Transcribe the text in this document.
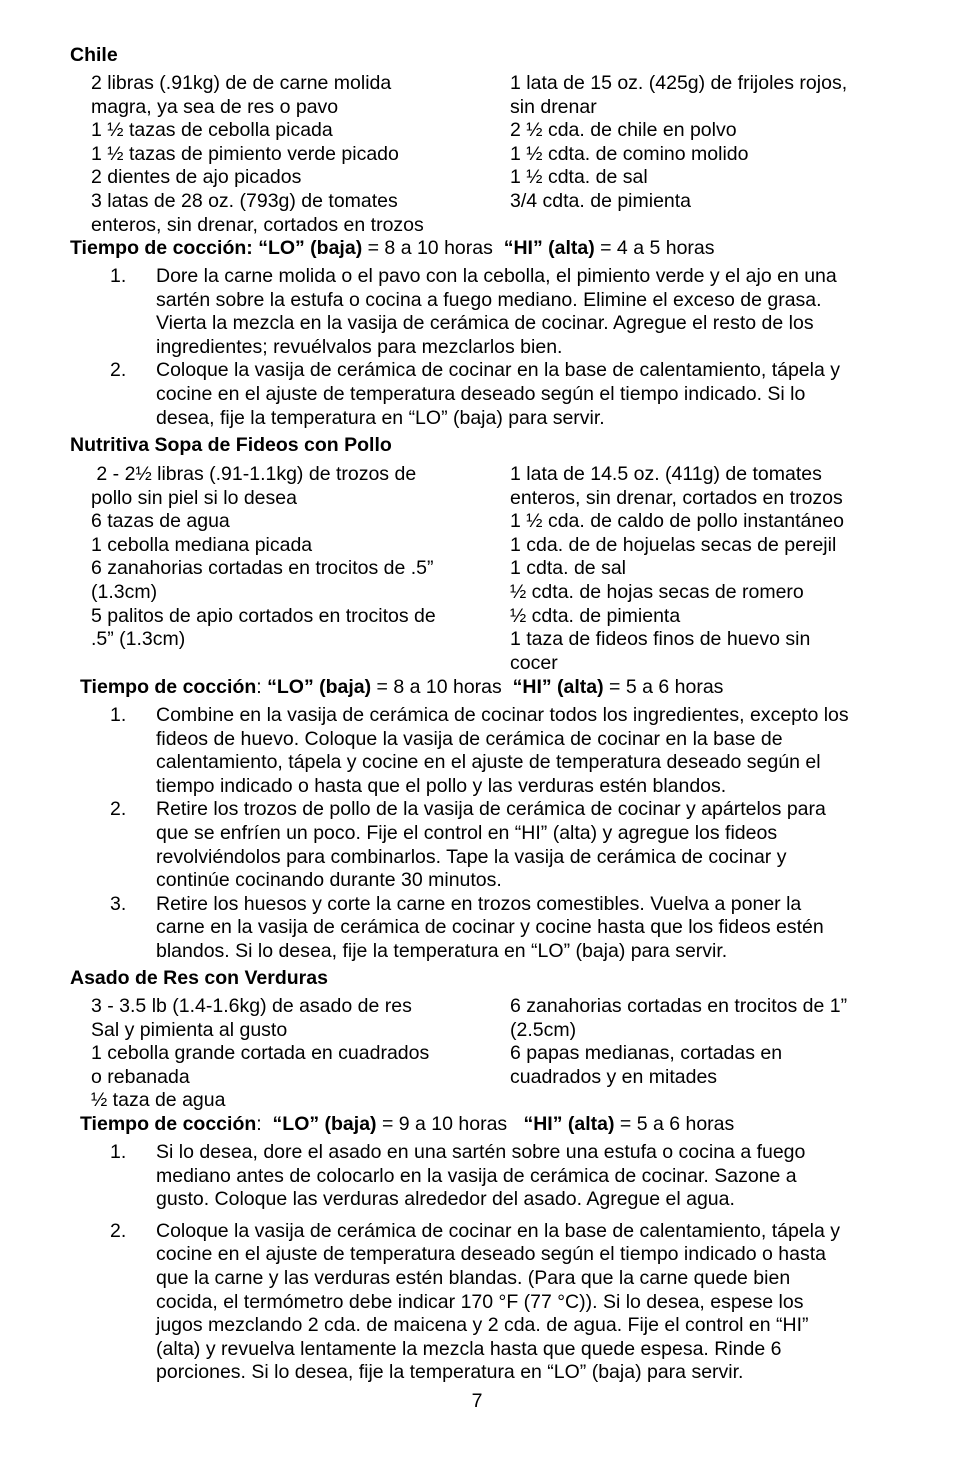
Chile
2 libras (.91kg) de de carne molida
magra, ya sea de res o pavo
1 ½ tazas de cebolla picada
1 ½ tazas de pimiento verde picado
2 dientes de ajo picados
3 latas de 28 oz. (793g) de tomates
enteros, sin drenar, cortados en trozos
1 lata de 15 oz. (425g) de frijoles rojos,
sin drenar
2 ½ cda. de chile en polvo
1 ½ cdta. de comino molido
1 ½ cdta. de sal
3/4 cdta. de pimienta
Tiempo de cocción: “LO” (baja) = 8 a 10 horas “HI” (alta) = 4 a 5 horas
1. Dore la carne molida o el pavo con la cebolla, el pimiento verde y el ajo en una
sartén sobre la estufa o cocina a fuego mediano. Elimine el exceso de grasa.
Vierta la mezcla en la vasija de cerámica de cocinar. Agregue el resto de los
ingredientes; revuélvalos para mezclarlos bien.
2. Coloque la vasija de cerámica de cocinar en la base de calentamiento, tápela y
cocine en el ajuste de temperatura deseado según el tiempo indicado. Si lo
desea, fije la temperatura en “LO” (baja) para servir.
Nutritiva Sopa de Fideos con Pollo
2 - 2½ libras (.91-1.1kg) de trozos de
pollo sin piel si lo desea
6 tazas de agua
1 cebolla mediana picada
6 zanahorias cortadas en trocitos de .5”
(1.3cm)
5 palitos de apio cortados en trocitos de
.5” (1.3cm)
1 lata de 14.5 oz. (411g) de tomates
enteros, sin drenar, cortados en trozos
1 ½ cda. de caldo de pollo instantáneo
1 cda. de de hojuelas secas de perejil
1 cdta. de sal
½ cdta. de hojas secas de romero
½ cdta. de pimienta
1 taza de fideos finos de huevo sin
cocer
Tiempo de cocción: “LO” (baja) = 8 a 10 horas “HI” (alta) = 5 a 6 horas
1. Combine en la vasija de cerámica de cocinar todos los ingredientes, excepto los
fideos de huevo. Coloque la vasija de cerámica de cocinar en la base de
calentamiento, tápela y cocine en el ajuste de temperatura deseado según el
tiempo indicado o hasta que el pollo y las verduras estén blandos.
2. Retire los trozos de pollo de la vasija de cerámica de cocinar y apártelos para
que se enfríen un poco. Fije el control en “HI” (alta) y agregue los fideos
revolviéndolos para combinarlos. Tape la vasija de cerámica de cocinar y
continúe cocinando durante 30 minutos.
3. Retire los huesos y corte la carne en trozos comestibles. Vuelva a poner la
carne en la vasija de cerámica de cocinar y cocine hasta que los fideos estén
blandos. Si lo desea, fije la temperatura en “LO” (baja) para servir.
Asado de Res con Verduras
3 - 3.5 lb (1.4-1.6kg) de asado de res
Sal y pimienta al gusto
1 cebolla grande cortada en cuadrados
o rebanada
½ taza de agua
6 zanahorias cortadas en trocitos de 1”
(2.5cm)
6 papas medianas, cortadas en
cuadrados y en mitades
Tiempo de cocción:  “LO” (baja) = 9 a 10 horas “HI” (alta) = 5 a 6 horas
1. Si lo desea, dore el asado en una sartén sobre una estufa o cocina a fuego
mediano antes de colocarlo en la vasija de cerámica de cocinar. Sazone a
gusto. Coloque las verduras alrededor del asado. Agregue el agua.
2. Coloque la vasija de cerámica de cocinar en la base de calentamiento, tápela y
cocine en el ajuste de temperatura deseado según el tiempo indicado o hasta
que la carne y las verduras estén blandas. (Para que la carne quede bien
cocida, el termómetro debe indicar 170 °F (77 °C)). Si lo desea, espese los
jugos mezclando 2 cda. de maicena y 2 cda. de agua. Fije el control en “HI”
(alta) y revuelva lentamente la mezcla hasta que quede espesa. Rinde 6
porciones. Si lo desea, fije la temperatura en “LO” (baja) para servir.
7
